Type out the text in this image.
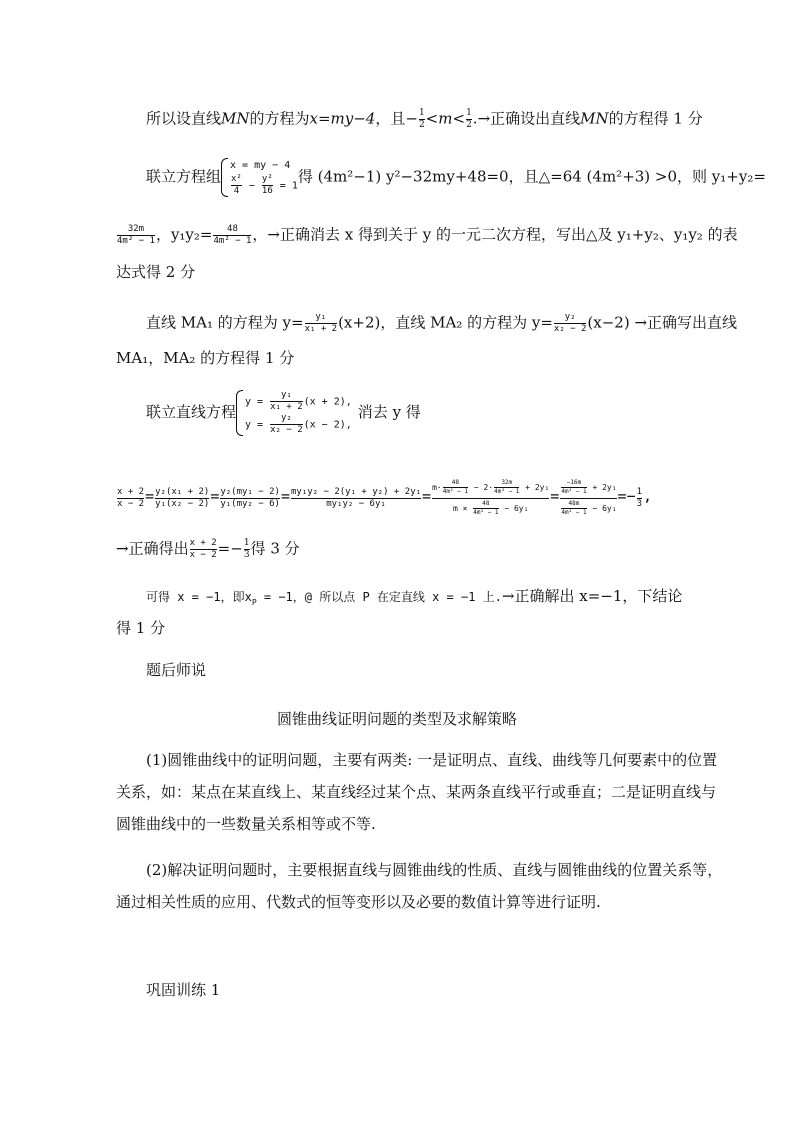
所以设直线MN的方程为x=my−4，且− $\frac{1}{2} <m< \frac{1}{2}$ .→正确设出直线MN的方程得 1 分
联立方程组
x = my − 4
$\frac{\text{x²}}{4} - \frac{\text{y²}}{16} = 1$
得 (4m²−1) y²−32my+48=0，且△=64 (4m²+3) >0，则 y₁+y₂=
$\frac{32m}{\text{4m² − 1}}$ ，$y_1y_2= \frac{48}{\text{4m² − 1}}$ ，→正确消去 x 得到关于 y 的一元二次方程，写出△及 y₁+y₂、y₁y₂ 的表
达式得 2 分
直线 MA₁ 的方程为 $y= \frac{\text{y₁}}{\text{x₁ + 2}} (x+2)$，直线 MA₂ 的方程为 $y= \frac{\text{y₂}}{\text{x₂ − 2}} (x-2)$ →正确写出直线
MA₁，MA₂ 的方程得 1 分
联立直线方程
$y = \frac{\text{y₁}}{\text{x₁ + 2}} (x + 2)$,
$y = \frac{\text{y₂}}{\text{x₂ − 2}} (x - 2)$,
消去 y 得
$\frac{x + 2}{x - 2} = \frac{\text{y₂(x₁ + 2)}}{\text{y₁(x₂ − 2)}} = \frac{\text{y₂(my₁ − 2)}}{\text{y₁(my₂ − 6)}} = \frac{\text{my₁y₂ − 2(y₁ + y₂) + 2y₁}}{\text{my₁y₂ − 6y₁}} = \frac{m\cdot \frac{48}{\text{4m² − 1}} - 2\cdot \frac{32m}{\text{4m² − 1}} + 2y_1}{m \times \frac{48}{\text{4m² − 1}} - 6y_1} = \frac{\frac{-16m}{\text{4m² − 1}} + 2y_1}{\frac{48m}{\text{4m² − 1}} - 6y_1} =- \frac{1}{3}$ ,
→正确得出 $\frac{x + 2}{x - 2} =- \frac{1}{3}$ 得 3 分
可得 x = −1，即$x_P = -1$，@ 所以点 P 在定直线 x = −1 上.→正确解出 x=−1，下结论
得 1 分
题后师说
圆锥曲线证明问题的类型及求解策略
(1)圆锥曲线中的证明问题，主要有两类: 一是证明点、直线、曲线等几何要素中的位置
关系，如：某点在某直线上、某直线经过某个点、某两条直线平行或垂直；二是证明直线与
圆锥曲线中的一些数量关系相等或不等.
(2)解决证明问题时，主要根据直线与圆锥曲线的性质、直线与圆锥曲线的位置关系等，
通过相关性质的应用、代数式的恒等变形以及必要的数值计算等进行证明.
巩固训练 1
